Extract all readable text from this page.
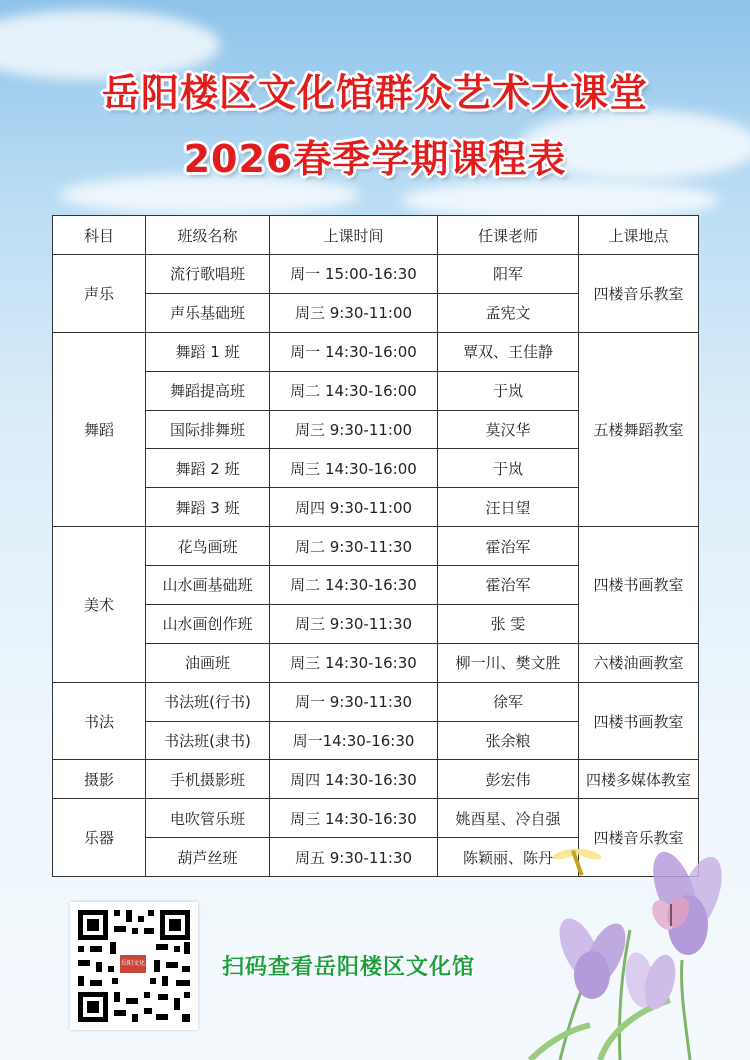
岳阳楼区文化馆群众艺术大课堂
2026春季学期课程表
科目	班级名称	上课时间	任课老师	上课地点
声乐	流行歌唱班	周一 15:00-16:30	阳军	四楼音乐教室
	声乐基础班	周三 9:30-11:00	孟宪文	
舞蹈	舞蹈 1 班	周一 14:30-16:00	覃双、王佳静	五楼舞蹈教室
	舞蹈提高班	周二 14:30-16:00	于岚	
	国际排舞班	周三 9:30-11:00	莫汉华	
	舞蹈 2 班	周三 14:30-16:00	于岚	
	舞蹈 3 班	周四 9:30-11:00	汪日望	
美术	花鸟画班	周二 9:30-11:30	霍治军	四楼书画教室
	山水画基础班	周二 14:30-16:30	霍治军	
	山水画创作班	周三 9:30-11:30	张 雯	
	油画班	周三 14:30-16:30	柳一川、樊文胜	六楼油画教室
书法	书法班(行书)	周一 9:30-11:30	徐军	四楼书画教室
	书法班(隶书)	周一14:30-16:30	张余粮	
摄影	手机摄影班	周四 14:30-16:30	彭宏伟	四楼多媒体教室
乐器	电吹管乐班	周三 14:30-16:30	姚酉星、冷自强	四楼音乐教室
	葫芦丝班	周五 9:30-11:30	陈颖丽、陈丹	
岳阳文化	扫码查看岳阳楼区文化馆
